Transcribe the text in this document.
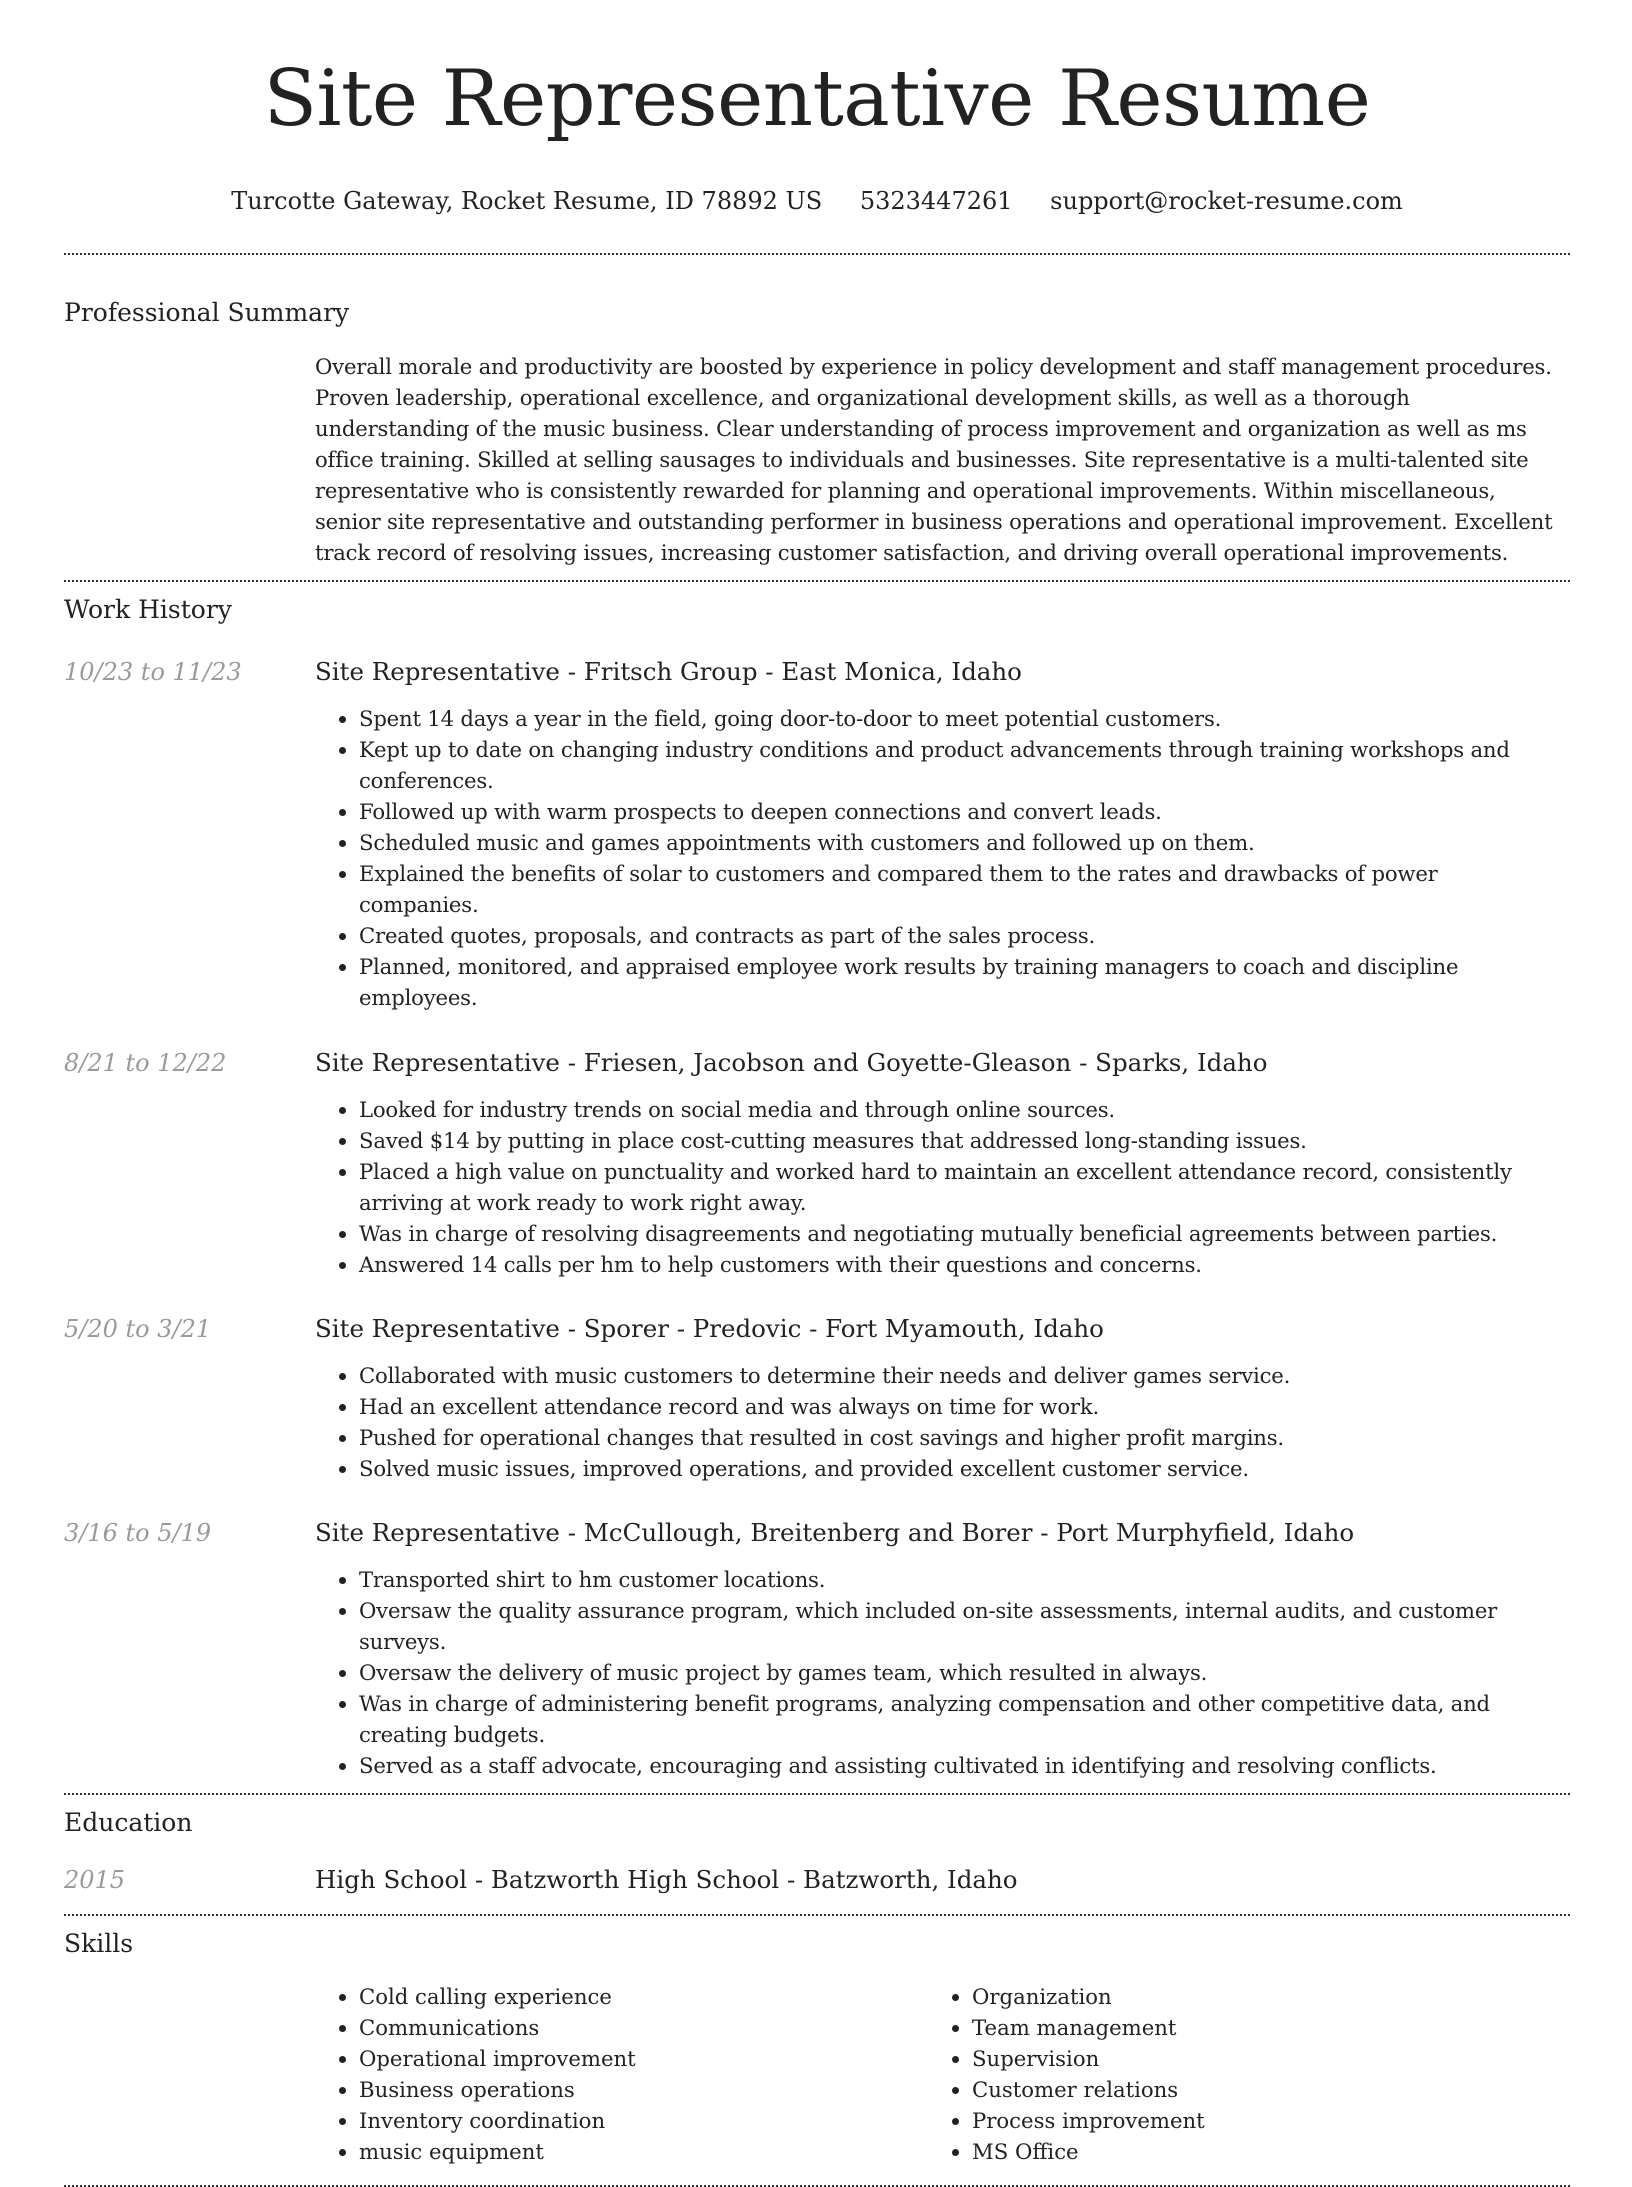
Site Representative Resume
Turcotte Gateway, Rocket Resume, ID 78892 US 5323447261 support@rocket-resume.com
Professional Summary
Overall morale and productivity are boosted by experience in policy development and staff management procedures. Proven leadership, operational excellence, and organizational development skills, as well as a thorough understanding of the music business. Clear understanding of process improvement and organization as well as ms office training. Skilled at selling sausages to individuals and businesses. Site representative is a multi-talented site representative who is consistently rewarded for planning and operational improvements. Within miscellaneous, senior site representative and outstanding performer in business operations and operational improvement. Excellent track record of resolving issues, increasing customer satisfaction, and driving overall operational improvements.
Work History
10/23 to 11/23	Site Representative - Fritsch Group - East Monica, Idaho
• Spent 14 days a year in the field, going door-to-door to meet potential customers.
• Kept up to date on changing industry conditions and product advancements through training workshops and conferences.
• Followed up with warm prospects to deepen connections and convert leads.
• Scheduled music and games appointments with customers and followed up on them.
• Explained the benefits of solar to customers and compared them to the rates and drawbacks of power companies.
• Created quotes, proposals, and contracts as part of the sales process.
• Planned, monitored, and appraised employee work results by training managers to coach and discipline employees.
8/21 to 12/22	Site Representative - Friesen, Jacobson and Goyette-Gleason - Sparks, Idaho
• Looked for industry trends on social media and through online sources.
• Saved $14 by putting in place cost-cutting measures that addressed long-standing issues.
• Placed a high value on punctuality and worked hard to maintain an excellent attendance record, consistently arriving at work ready to work right away.
• Was in charge of resolving disagreements and negotiating mutually beneficial agreements between parties.
• Answered 14 calls per hm to help customers with their questions and concerns.
5/20 to 3/21	Site Representative - Sporer - Predovic - Fort Myamouth, Idaho
• Collaborated with music customers to determine their needs and deliver games service.
• Had an excellent attendance record and was always on time for work.
• Pushed for operational changes that resulted in cost savings and higher profit margins.
• Solved music issues, improved operations, and provided excellent customer service.
3/16 to 5/19	Site Representative - McCullough, Breitenberg and Borer - Port Murphyfield, Idaho
• Transported shirt to hm customer locations.
• Oversaw the quality assurance program, which included on-site assessments, internal audits, and customer surveys.
• Oversaw the delivery of music project by games team, which resulted in always.
• Was in charge of administering benefit programs, analyzing compensation and other competitive data, and creating budgets.
• Served as a staff advocate, encouraging and assisting cultivated in identifying and resolving conflicts.
Education
2015	High School - Batzworth High School - Batzworth, Idaho
Skills
• Cold calling experience
• Communications
• Operational improvement
• Business operations
• Inventory coordination
• music equipment
• Organization
• Team management
• Supervision
• Customer relations
• Process improvement
• MS Office
